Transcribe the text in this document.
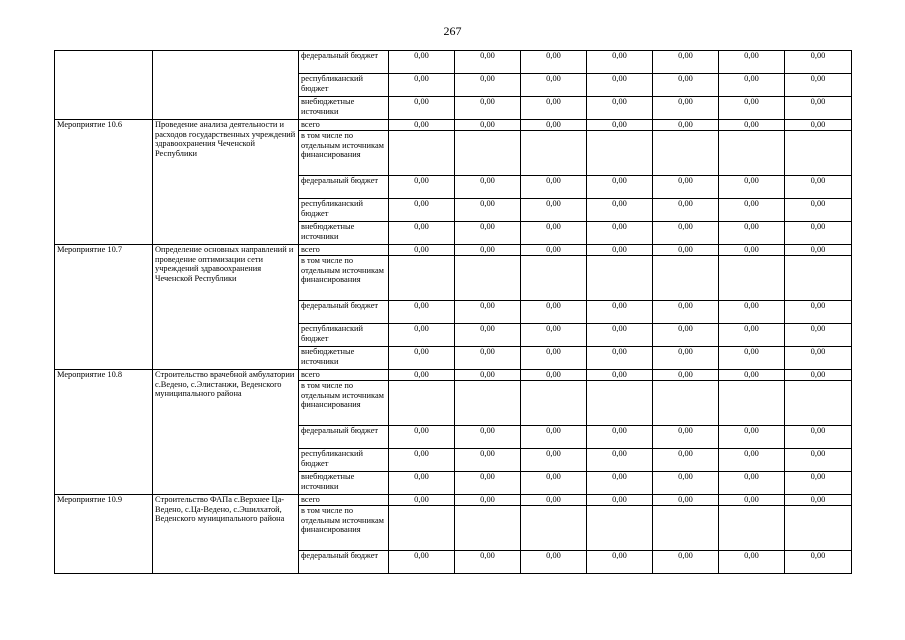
267
		федеральный бюджет	0,00	0,00	0,00	0,00	0,00	0,00	0,00
		республиканский бюджет	0,00	0,00	0,00	0,00	0,00	0,00	0,00
		внебюджетные источники	0,00	0,00	0,00	0,00	0,00	0,00	0,00
Мероприятие 10.6	Проведение анализа деятельности и расходов государственных учреждений здравоохранения Чеченской Республики	всего	0,00	0,00	0,00	0,00	0,00	0,00	0,00
		в том числе по отдельным источникам финансирования							
		федеральный бюджет	0,00	0,00	0,00	0,00	0,00	0,00	0,00
		республиканский бюджет	0,00	0,00	0,00	0,00	0,00	0,00	0,00
		внебюджетные источники	0,00	0,00	0,00	0,00	0,00	0,00	0,00
Мероприятие 10.7	Определение основных направлений и проведение оптимизации сети учреждений здравоохранения Чеченской Республики	всего	0,00	0,00	0,00	0,00	0,00	0,00	0,00
		в том числе по отдельным источникам финансирования							
		федеральный бюджет	0,00	0,00	0,00	0,00	0,00	0,00	0,00
		республиканский бюджет	0,00	0,00	0,00	0,00	0,00	0,00	0,00
		внебюджетные источники	0,00	0,00	0,00	0,00	0,00	0,00	0,00
Мероприятие 10.8	Строительство врачебной амбулатории с.Ведено, с.Элистанжи, Веденского муниципального района	всего	0,00	0,00	0,00	0,00	0,00	0,00	0,00
		в том числе по отдельным источникам финансирования							
		федеральный бюджет	0,00	0,00	0,00	0,00	0,00	0,00	0,00
		республиканский бюджет	0,00	0,00	0,00	0,00	0,00	0,00	0,00
		внебюджетные источники	0,00	0,00	0,00	0,00	0,00	0,00	0,00
Мероприятие 10.9	Строительство ФАПа с.Верхнее Ца-Ведено, с.Ца-Ведено, с.Эшилхатой, Веденского муниципального района	всего	0,00	0,00	0,00	0,00	0,00	0,00	0,00
		в том числе по отдельным источникам финансирования							
		федеральный бюджет	0,00	0,00	0,00	0,00	0,00	0,00	0,00
